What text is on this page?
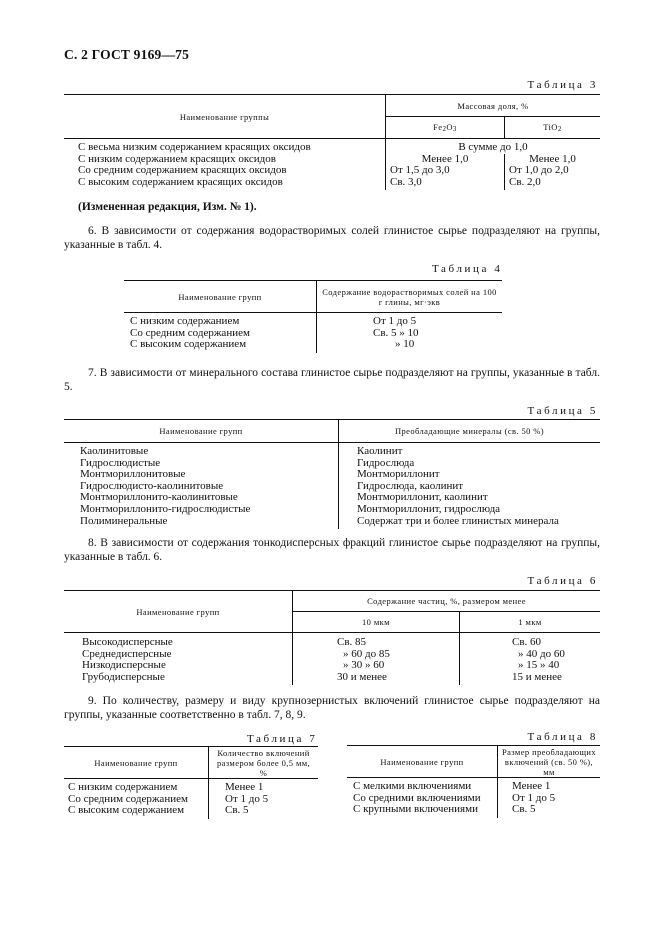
С. 2 ГОСТ 9169—75
Таблица 3
Наименование группы	Массовая доля, %	
	Fe2O3	TiO2
С весьма низким содержанием красящих оксидов	В сумме до 1,0	
С низким содержанием красящих оксидов	Менее 1,0	Менее 1,0
Со средним содержанием красящих оксидов	От 1,5 до 3,0	От 1,0 до 2,0
С высоким содержанием красящих оксидов	Св. 3,0	Св. 2,0
(Измененная редакция, Изм. № 1).
6. В зависимости от содержания водорастворимых солей глинистое сырье подразделяют на группы, указанные в табл. 4.
Таблица 4
Наименование групп	Содержание водорастворимых солей на 100 г глины, мг·экв
С низким содержанием	От 1 до 5
Со средним содержанием	Св. 5 » 10
С высоким содержанием	» 10
7. В зависимости от минерального состава глинистое сырье подразделяют на группы, указанные в табл. 5.
Таблица 5
Наименование групп	Преобладающие минералы (св. 50 %)
Каолинитовые	Каолинит
Гидрослюдистые	Гидрослюда
Монтмориллонитовые	Монтмориллонит
Гидрослюдисто-каолинитовые	Гидрослюда, каолинит
Монтмориллонито-каолинитовые	Монтмориллонит, каолинит
Монтмориллонито-гидрослюдистые	Монтмориллонит, гидрослюда
Полиминеральные	Содержат три и более глинистых минерала
8. В зависимости от содержания тонкодисперсных фракций глинистое сырье подразделяют на группы, указанные в табл. 6.
Таблица 6
Наименование групп	Содержание частиц, %, размером менее	
	10 мкм	1 мкм
Высокодисперсные	Св. 85	Св. 60
Среднедисперсные	» 60 до 85	» 40 до 60
Низкодисперсные	» 30 » 60	» 15 » 40
Грубодисперсные	30 и менее	15 и менее
9. По количеству, размеру и виду крупнозернистых включений глинистое сырье подразделяют на группы, указанные соответственно в табл. 7, 8, 9.
Таблица 7
Наименование групп	Количество включений размером более 0,5 мм, %
С низким содержанием	Менее 1
Со средним содержанием	От 1 до 5
С высоким содержанием	Св. 5
Таблица 8
Наименование групп	Размер преобладающих включений (св. 50 %), мм
С мелкими включениями	Менее 1
Со средними включениями	От 1 до 5
С крупными включениями	Св. 5
